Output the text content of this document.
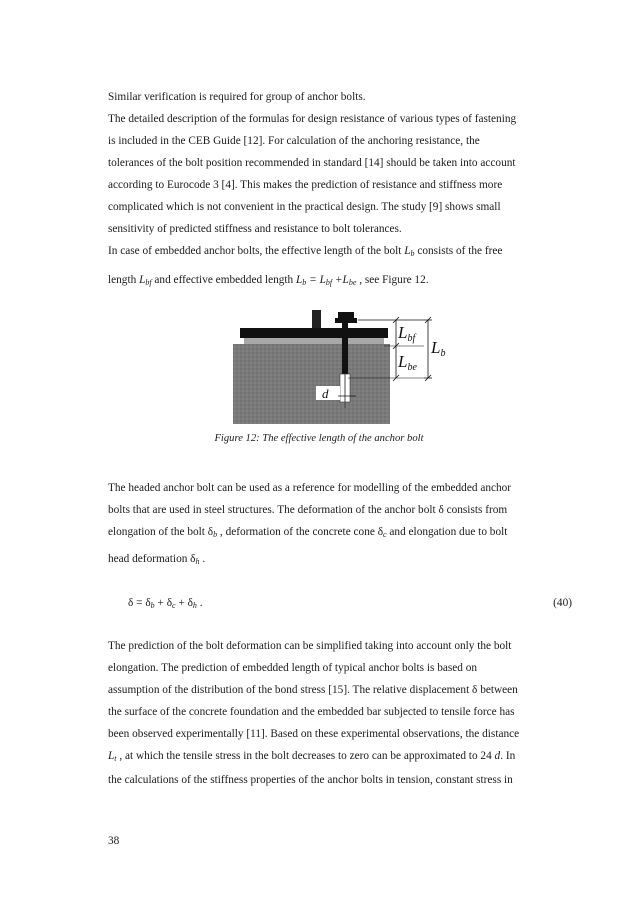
Similar verification is required for group of anchor bolts.
The detailed description of the formulas for design resistance of various types of fastening
is included in the CEB Guide [12]. For calculation of the anchoring resistance, the
tolerances of the bolt position recommended in standard [14] should be taken into account
according to Eurocode 3 [4]. This makes the prediction of resistance and stiffness more
complicated which is not convenient in the practical design. The study [9] shows small
sensitivity of predicted stiffness and resistance to bolt tolerances.
In case of embedded anchor bolts, the effective length of the bolt $L_b$ consists of the free
length $L_{bf}$ and effective embedded length $L_b = L_{bf} +L_{be}$ , see Figure 12.
d
Lbf
Lbe
Lb
Figure 12: The effective length of the anchor bolt
The headed anchor bolt can be used as a reference for modelling of the embedded anchor
bolts that are used in steel structures. The deformation of the anchor bolt δ consists from
elongation of the bolt $\delta_b$ , deformation of the concrete cone $\delta_c$ and elongation due to bolt
head deformation $\delta_h$ .
$\delta = \delta_b + \delta_c + \delta_h$ .	(40)
The prediction of the bolt deformation can be simplified taking into account only the bolt
elongation. The prediction of embedded length of typical anchor bolts is based on
assumption of the distribution of the bond stress [15]. The relative displacement δ between
the surface of the concrete foundation and the embedded bar subjected to tensile force has
been observed experimentally [11]. Based on these experimental observations, the distance
$L_t$ , at which the tensile stress in the bolt decreases to zero can be approximated to 24 d. In
the calculations of the stiffness properties of the anchor bolts in tension, constant stress in
38
